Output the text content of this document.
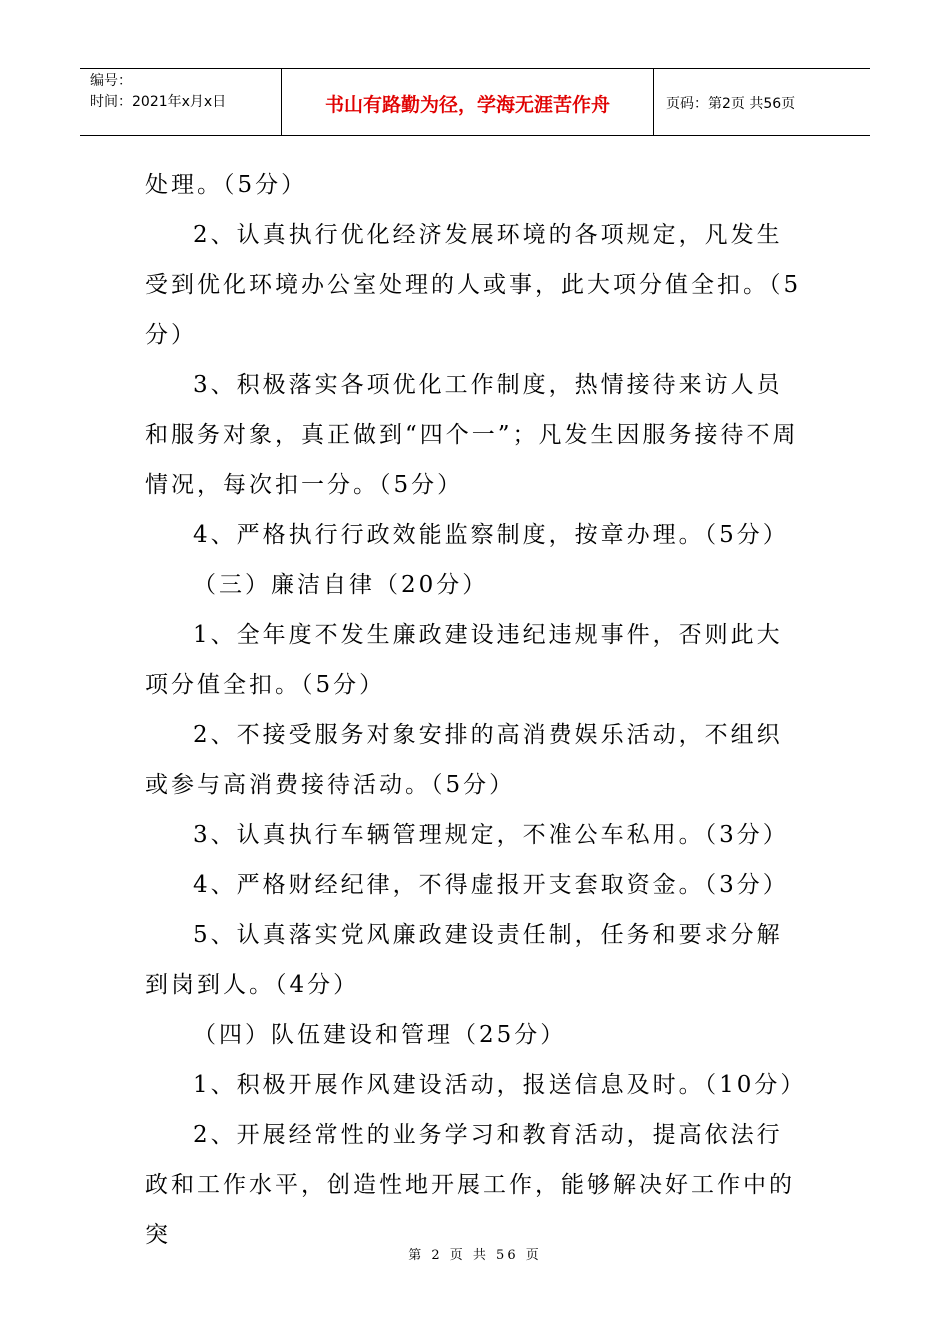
编号：
时间：2021年x月x日	书山有路勤为径，学海无涯苦作舟	页码：第2页 共56页

处理。（5分）

2、认真执行优化经济发展环境的各项规定，凡发生受到优化环境办公室处理的人或事，此大项分值全扣。（5分）

3、积极落实各项优化工作制度，热情接待来访人员和服务对象，真正做到“四个一”；凡发生因服务接待不周情况，每次扣一分。（5分）

4、严格执行行政效能监察制度，按章办理。（5分）

（三）廉洁自律（20分）

1、全年度不发生廉政建设违纪违规事件，否则此大项分值全扣。（5分）

2、不接受服务对象安排的高消费娱乐活动，不组织或参与高消费接待活动。（5分）

3、认真执行车辆管理规定，不准公车私用。（3分）

4、严格财经纪律，不得虚报开支套取资金。（3分）

5、认真落实党风廉政建设责任制，任务和要求分解到岗到人。（4分）

（四）队伍建设和管理（25分）

1、积极开展作风建设活动，报送信息及时。（10分）

2、开展经常性的业务学习和教育活动，提高依法行政和工作水平，创造性地开展工作，能够解决好工作中的突

第 2 页 共 56 页
